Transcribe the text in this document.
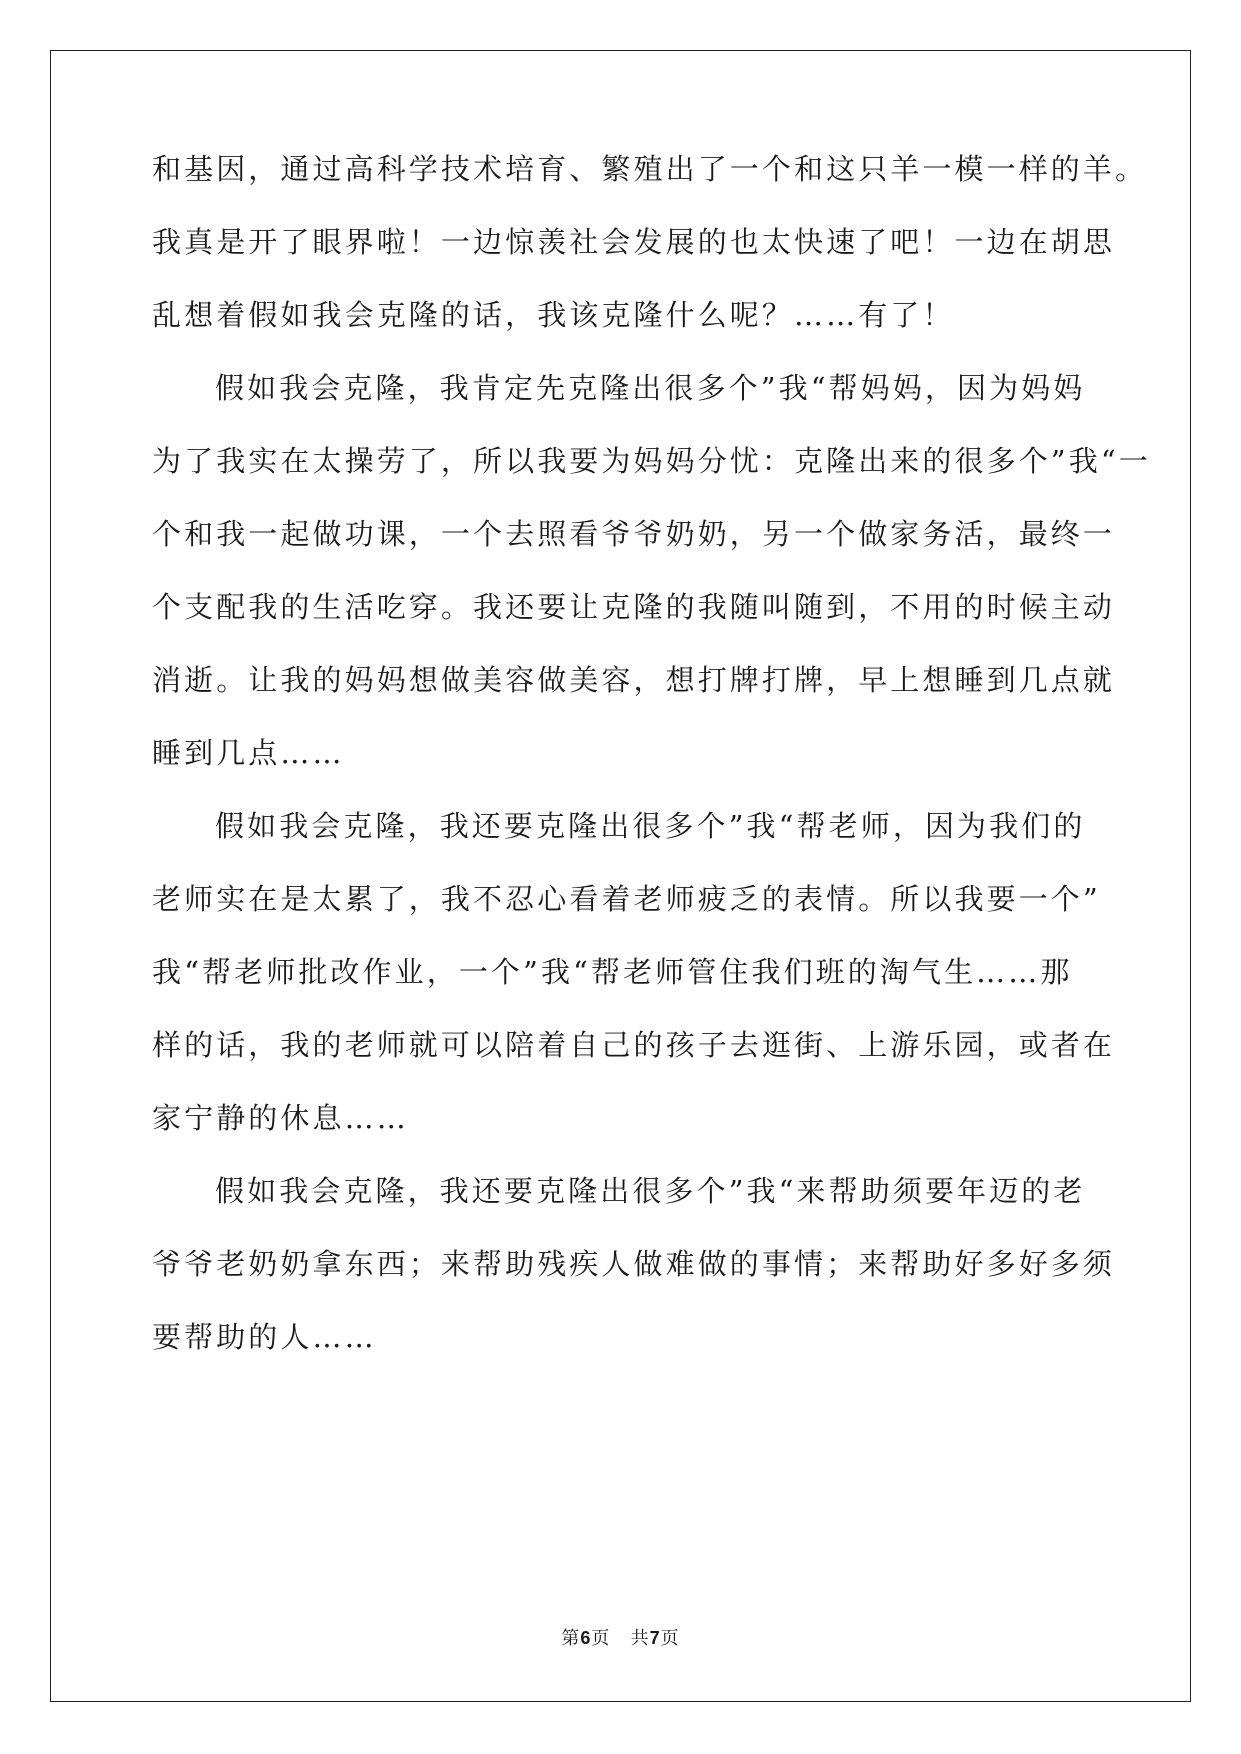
和基因，通过高科学技术培育、繁殖出了一个和这只羊一模一样的羊。
我真是开了眼界啦！一边惊羡社会发展的也太快速了吧！一边在胡思
乱想着假如我会克隆的话，我该克隆什么呢？……有了！
假如我会克隆，我肯定先克隆出很多个”我“帮妈妈，因为妈妈
为了我实在太操劳了，所以我要为妈妈分忧：克隆出来的很多个”我“一
个和我一起做功课，一个去照看爷爷奶奶，另一个做家务活，最终一
个支配我的生活吃穿。我还要让克隆的我随叫随到，不用的时候主动
消逝。让我的妈妈想做美容做美容，想打牌打牌，早上想睡到几点就
睡到几点……
假如我会克隆，我还要克隆出很多个”我“帮老师，因为我们的
老师实在是太累了，我不忍心看着老师疲乏的表情。所以我要一个”
我“帮老师批改作业，一个”我“帮老师管住我们班的淘气生……那
样的话，我的老师就可以陪着自己的孩子去逛街、上游乐园，或者在
家宁静的休息……
假如我会克隆，我还要克隆出很多个”我“来帮助须要年迈的老
爷爷老奶奶拿东西；来帮助残疾人做难做的事情；来帮助好多好多须
要帮助的人……
第6页   共7页
